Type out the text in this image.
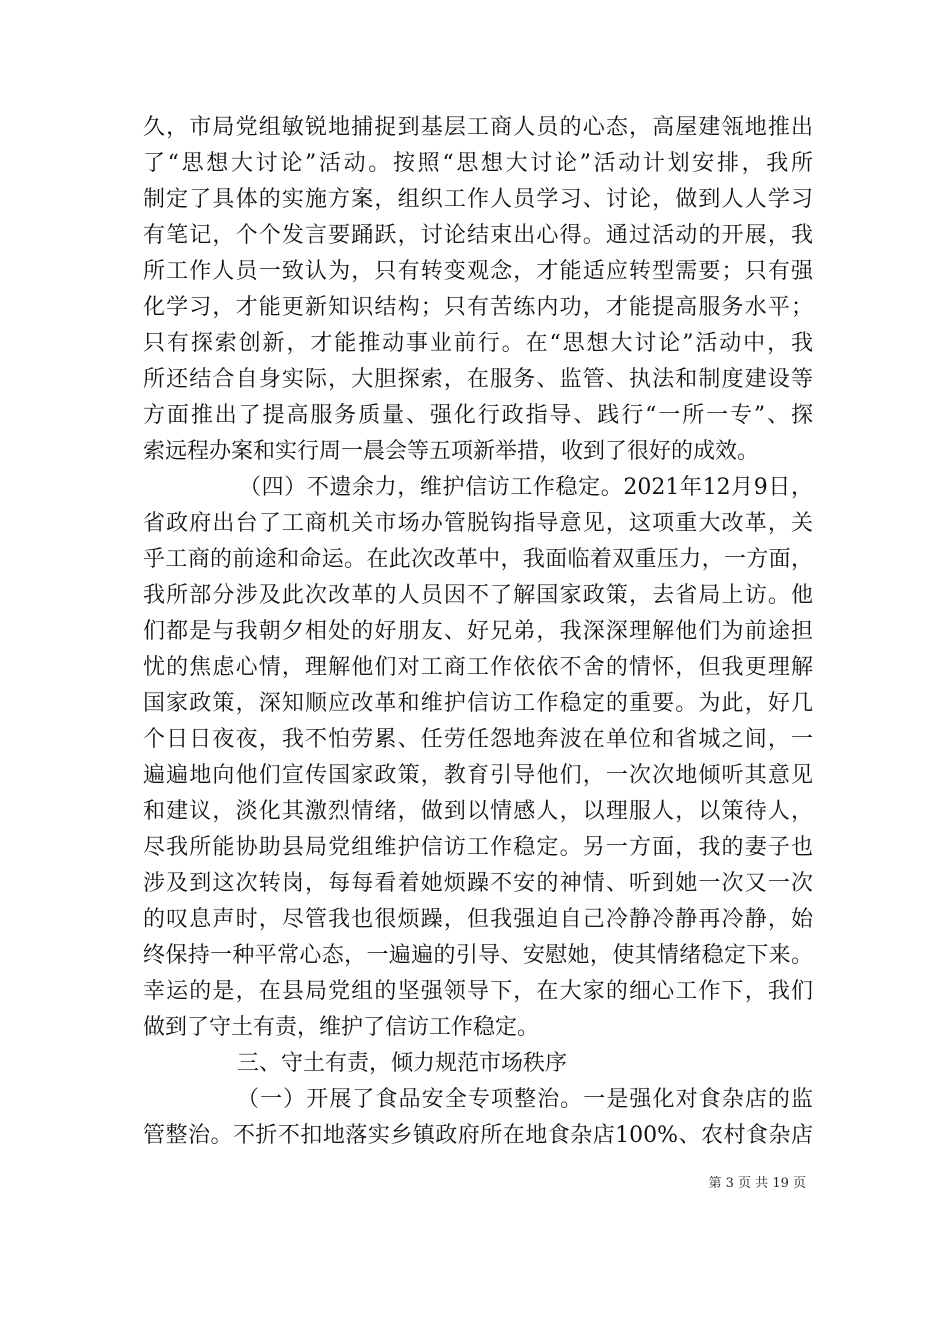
久，市局党组敏锐地捕捉到基层工商人员的心态，高屋建瓴地推出
了“思想大讨论”活动。按照“思想大讨论”活动计划安排，我所
制定了具体的实施方案，组织工作人员学习、讨论，做到人人学习
有笔记，个个发言要踊跃，讨论结束出心得。通过活动的开展，我
所工作人员一致认为，只有转变观念，才能适应转型需要；只有强
化学习，才能更新知识结构；只有苦练内功，才能提高服务水平；
只有探索创新，才能推动事业前行。在“思想大讨论”活动中，我
所还结合自身实际，大胆探索，在服务、监管、执法和制度建设等
方面推出了提高服务质量、强化行政指导、践行“一所一专”、探
索远程办案和实行周一晨会等五项新举措，收到了很好的成效。
（四）不遗余力，维护信访工作稳定。2021年12月9日，
省政府出台了工商机关市场办管脱钩指导意见，这项重大改革，关
乎工商的前途和命运。在此次改革中，我面临着双重压力，一方面，
我所部分涉及此次改革的人员因不了解国家政策，去省局上访。他
们都是与我朝夕相处的好朋友、好兄弟，我深深理解他们为前途担
忧的焦虑心情，理解他们对工商工作依依不舍的情怀，但我更理解
国家政策，深知顺应改革和维护信访工作稳定的重要。为此，好几
个日日夜夜，我不怕劳累、任劳任怨地奔波在单位和省城之间，一
遍遍地向他们宣传国家政策，教育引导他们，一次次地倾听其意见
和建议，淡化其激烈情绪，做到以情感人，以理服人，以策待人，
尽我所能协助县局党组维护信访工作稳定。另一方面，我的妻子也
涉及到这次转岗，每每看着她烦躁不安的神情、听到她一次又一次
的叹息声时，尽管我也很烦躁，但我强迫自己冷静冷静再冷静，始
终保持一种平常心态，一遍遍的引导、安慰她，使其情绪稳定下来。
幸运的是，在县局党组的坚强领导下，在大家的细心工作下，我们
做到了守土有责，维护了信访工作稳定。
三、守土有责，倾力规范市场秩序
（一）开展了食品安全专项整治。一是强化对食杂店的监
管整治。不折不扣地落实乡镇政府所在地食杂店100%、农村食杂店
第 3 页 共 19 页
